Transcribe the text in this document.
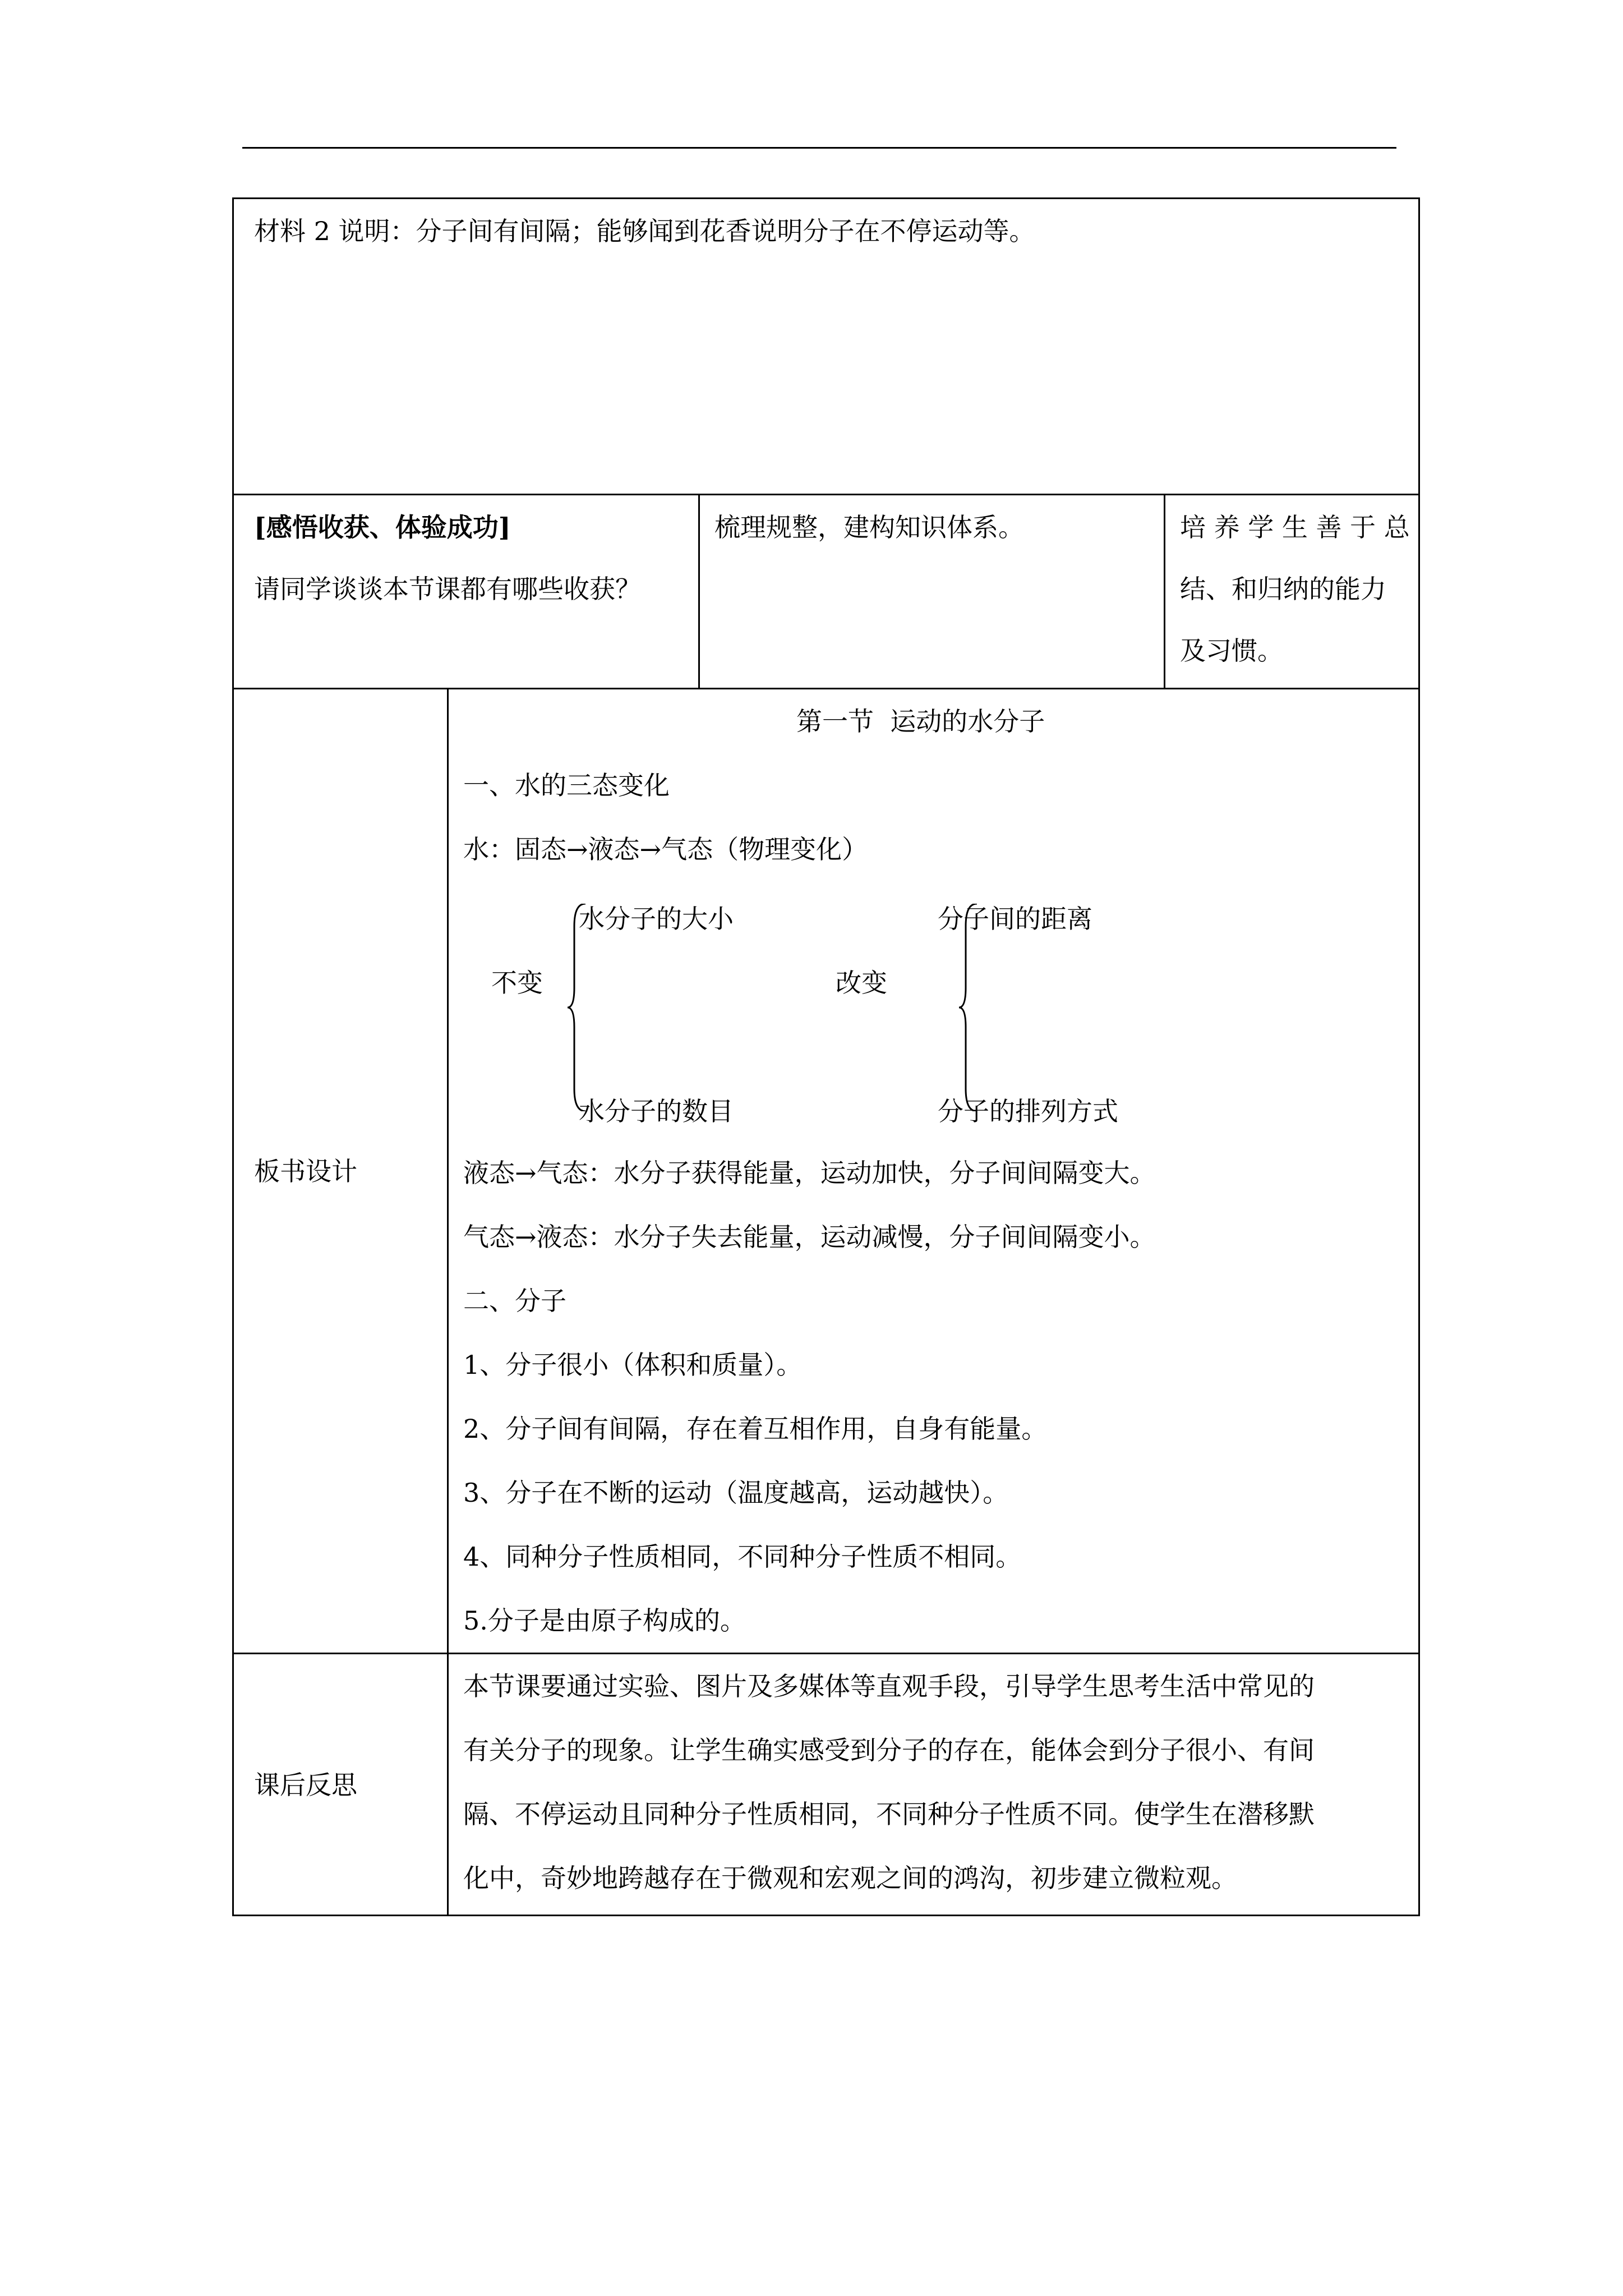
材料 2 说明：分子间有间隔；能够闻到花香说明分子在不停运动等。
[感悟收获、体验成功]
请同学谈谈本节课都有哪些收获？
梳理规整，建构知识体系。	培 养 学 生 善 于 总
结、和归纳的能力
及习惯。
板书设计
第一节  运动的水分子
一、水的三态变化
水：固态→液态→气态（物理变化）
水分子的大小
不变
水分子的数目
分子间的距离
改变
分子的排列方式
液态→气态：水分子获得能量，运动加快，分子间间隔变大。
气态→液态：水分子失去能量，运动减慢，分子间间隔变小。
二、分子
1、分子很小（体积和质量）。
2、分子间有间隔，存在着互相作用，自身有能量。
3、分子在不断的运动（温度越高，运动越快）。
4、同种分子性质相同，不同种分子性质不相同。
5.分子是由原子构成的。
课后反思
本节课要通过实验、图片及多媒体等直观手段，引导学生思考生活中常见的
有关分子的现象。让学生确实感受到分子的存在，能体会到分子很小、有间
隔、不停运动且同种分子性质相同，不同种分子性质不同。使学生在潜移默
化中，奇妙地跨越存在于微观和宏观之间的鸿沟，初步建立微粒观。
